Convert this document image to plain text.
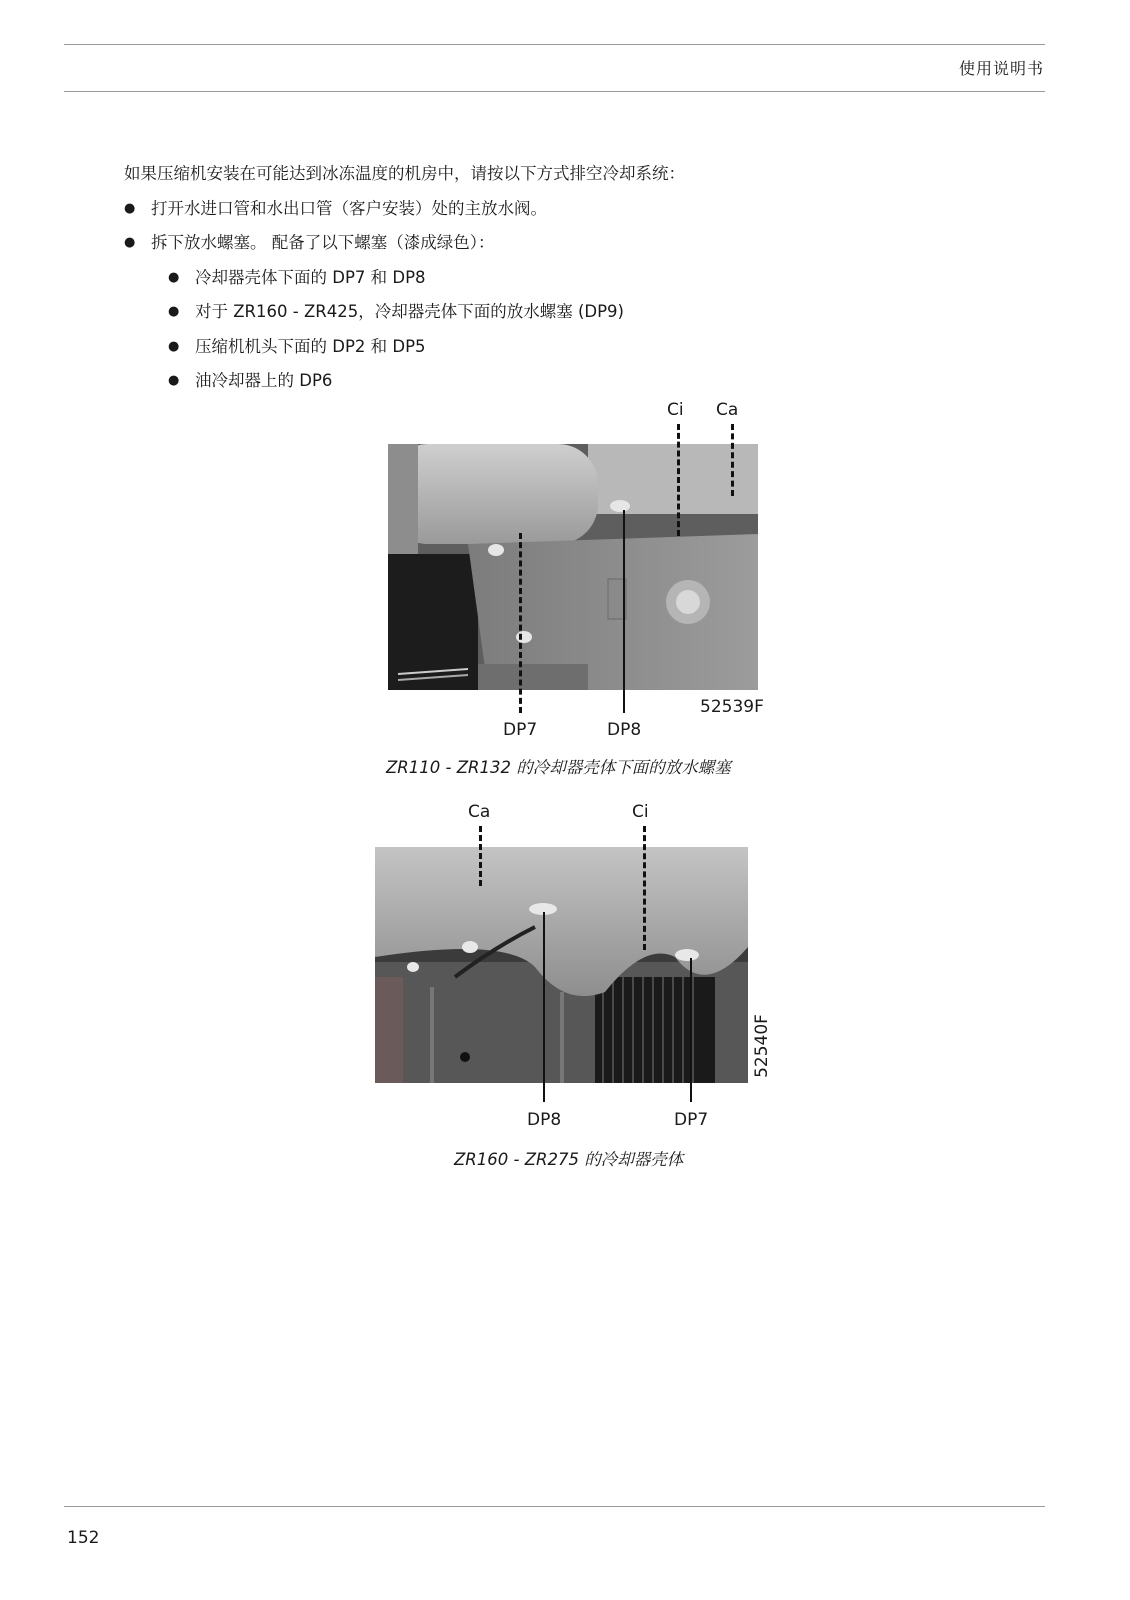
使用说明书
如果压缩机安装在可能达到冰冻温度的机房中，请按以下方式排空冷却系统：
● 打开水进口管和水出口管（客户安装）处的主放水阀。
● 拆下放水螺塞。 配备了以下螺塞（漆成绿色）：
● 冷却器壳体下面的 DP7 和 DP8
● 对于 ZR160 - ZR425，冷却器壳体下面的放水螺塞 (DP9)
● 压缩机机头下面的 DP2 和 DP5
● 油冷却器上的 DP6
Ci Ca
52539F
DP7	DP8
ZR110 - ZR132 的冷却器壳体下面的放水螺塞
Ca	Ci
52540F
DP8	DP7
ZR160 - ZR275 的冷却器壳体
152
